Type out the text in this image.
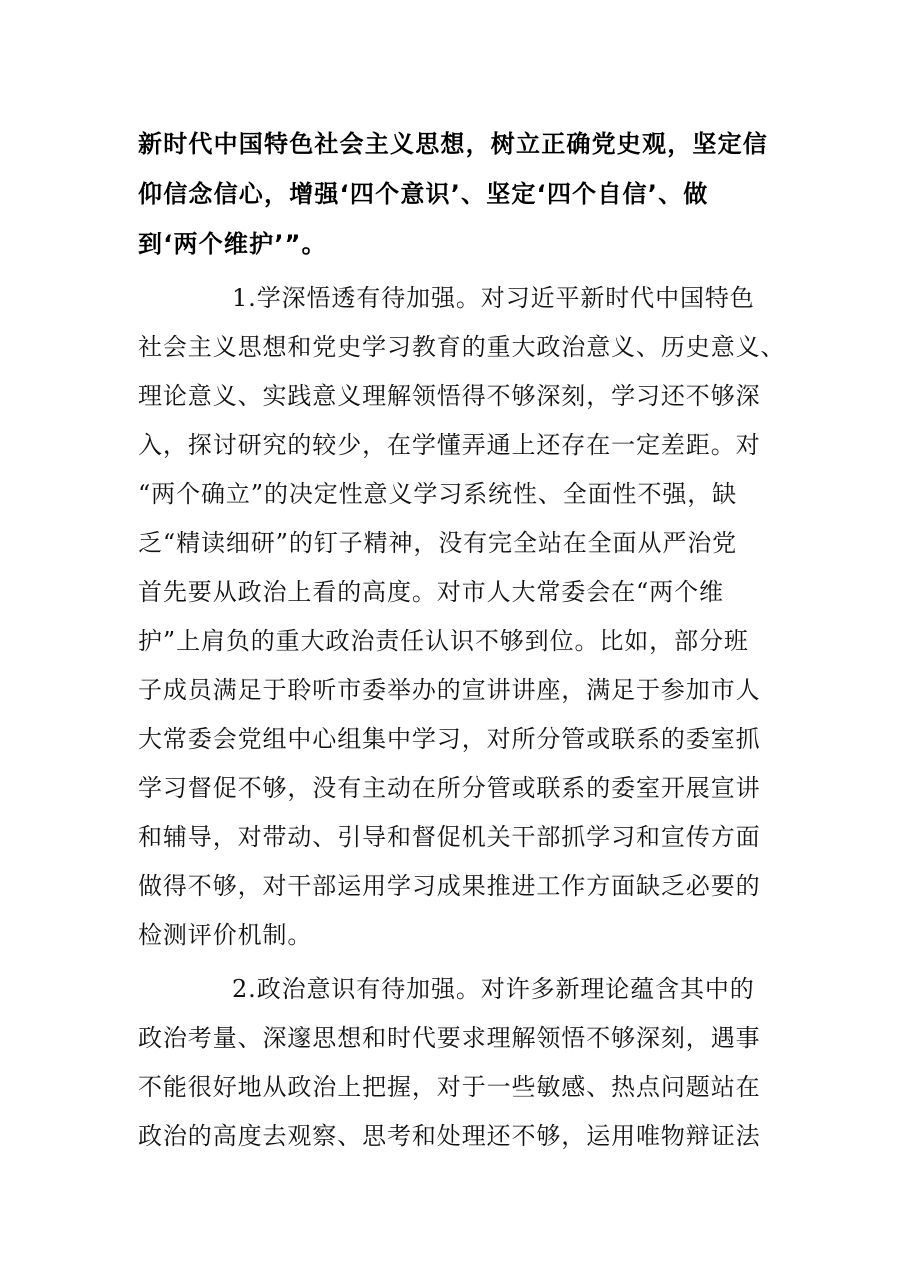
新时代中国特色社会主义思想，树立正确党史观，坚定信
仰信念信心，增强‘四个意识’、坚定‘四个自信’、做
到‘两个维护’”。
1.学深悟透有待加强。对习近平新时代中国特色
社会主义思想和党史学习教育的重大政治意义、历史意义、
理论意义、实践意义理解领悟得不够深刻，学习还不够深
入，探讨研究的较少，在学懂弄通上还存在一定差距。对
“两个确立”的决定性意义学习系统性、全面性不强，缺
乏“精读细研”的钉子精神，没有完全站在全面从严治党
首先要从政治上看的高度。对市人大常委会在“两个维
护”上肩负的重大政治责任认识不够到位。比如，部分班
子成员满足于聆听市委举办的宣讲讲座，满足于参加市人
大常委会党组中心组集中学习，对所分管或联系的委室抓
学习督促不够，没有主动在所分管或联系的委室开展宣讲
和辅导，对带动、引导和督促机关干部抓学习和宣传方面
做得不够，对干部运用学习成果推进工作方面缺乏必要的
检测评价机制。
2.政治意识有待加强。对许多新理论蕴含其中的
政治考量、深邃思想和时代要求理解领悟不够深刻，遇事
不能很好地从政治上把握，对于一些敏感、热点问题站在
政治的高度去观察、思考和处理还不够，运用唯物辩证法
